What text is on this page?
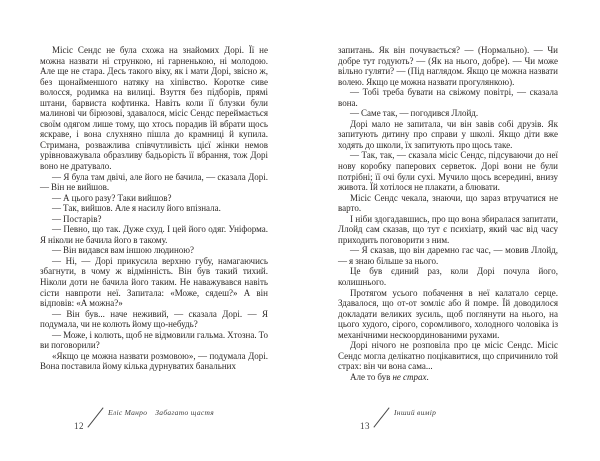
Місіс Сендс не була схожа на знайомих Дорі. Її не можна назвати ні стрункою, ні гарненькою, ні молодою. Але ще не стара. Десь такого віку, як і мати Дорі, звісно ж, без щонайменшого натяку на хіпівство. Коротке сиве волосся, родимка на вилиці. Взуття без підборів, прямі штани, барвиста кофтинка. Навіть коли її блузки були малинові чи бірюзові, здавалося, місіс Сендс переймається своїм одягом лише тому, що хтось порадив їй вбрати щось яскраве, і вона слухняно пішла до крамниці й купила. Стримана, розважлива співчутливість цієї жінки немов урівноважувала образливу бадьорість її вбрання, тож Дорі воно не дратувало.

— Я була там двічі, але його не бачила, — сказала Дорі. — Він не вийшов.

— А цього разу? Таки вийшов?

— Так, вийшов. Але я насилу його впізнала.

— Постарів?

— Певно, що так. Дуже схуд. І цей його одяг. Уніформа. Я ніколи не бачила його в такому.

— Він видався вам іншою людиною?

— Ні, — Дорі прикусила верхню губу, намагаючись збагнути, в чому ж відмінність. Він був такий тихий. Ніколи доти не бачила його таким. Не наважувався навіть сісти навпроти неї. Запитала: «Може, сядеш?» А він відповів: «А можна?»

— Він був... наче неживий, — сказала Дорі. — Я подумала, чи не колють йому що-небудь?

— Може, і колють, щоб не відмовили гальма. Хтозна. То ви поговорили?

«Якщо це можна назвати розмовою», — подумала Дорі. Вона поставила йому кілька дурнуватих банальних

запитань. Як він почувається? — (Нормально). — Чи добре тут годують? — (Як на нього, добре). — Чи може вільно гуляти? — (Під наглядом. Якщо це можна назвати волею. Якщо це можна назвати прогулянкою).

— Тобі треба бувати на свіжому повітрі, — сказала вона.

— Саме так, — погодився Ллойд.

Дорі мало не запитала, чи він завів собі друзів. Як запитують дитину про справи у школі. Якщо діти вже ходять до школи, їх запитують про щось таке.

— Так, так, — сказала місіс Сендс, підсуваючи до неї нову коробку паперових серветок. Дорі вони не були потрібні; її очі були сухі. Мучило щось всередині, внизу живота. Їй хотілося не плакати, а блювати.

Місіс Сендс чекала, знаючи, що зараз втручатися не варто.

І ніби здогадавшись, про що вона збиралася запитати, Ллойд сам сказав, що тут є психіатр, який час від часу приходить поговорити з ним.

— Я сказав, що він даремно гає час, — мовив Ллойд, — я знаю більше за нього.

Це був єдиний раз, коли Дорі почула його, колишнього.

Протягом усього побачення в неї калатало серце. Здавалося, що от-от зомліє або й помре. Їй доводилося докладати великих зусиль, щоб поглянути на нього, на цього худого, сірого, соромливого, холодного чоловіка із механічними нескоординованими рухами.

Дорі нічого не розповіла про це місіс Сендс. Місіс Сендс могла делікатно поцікавитися, що спричинило той страх: він чи вона сама...

Але то був не страх.

12
Еліс Манро Забагато щастя
13
Інший вимір
